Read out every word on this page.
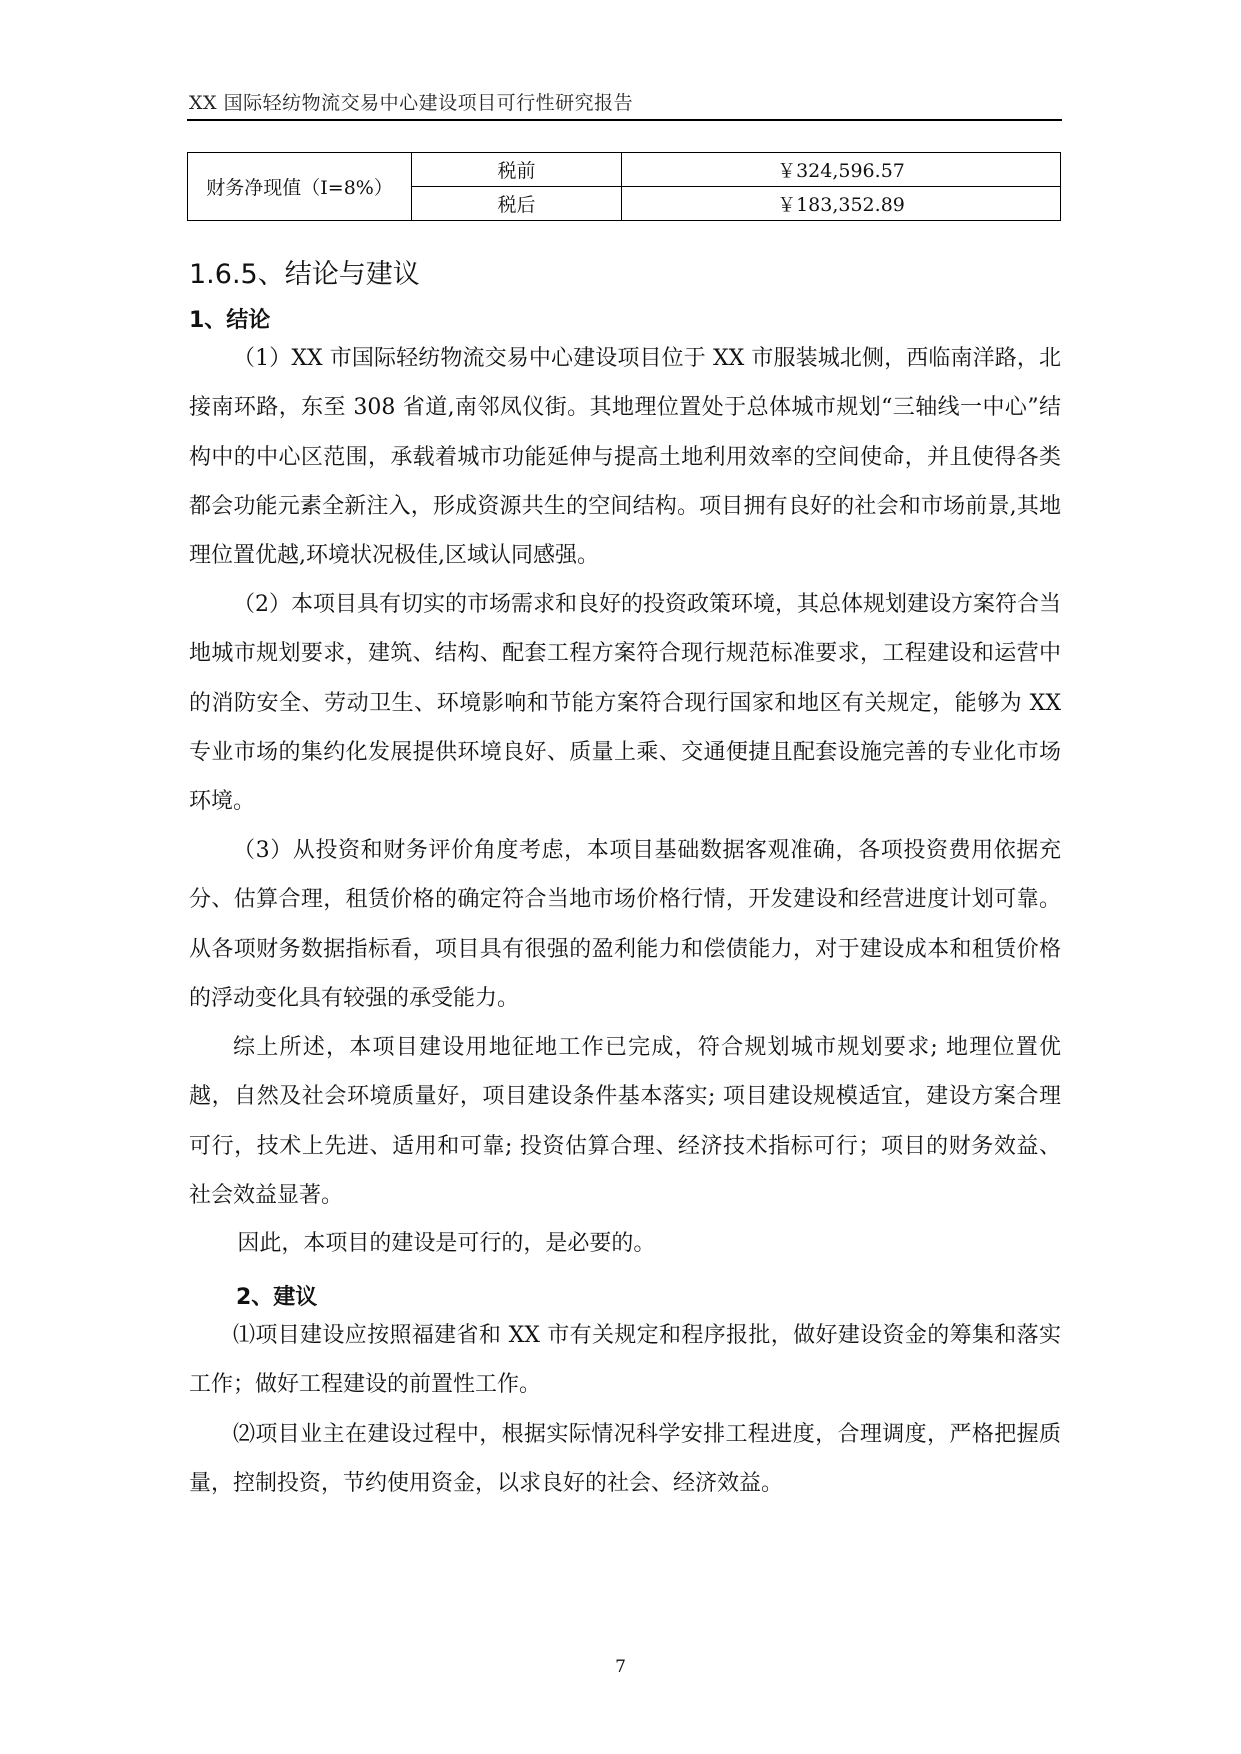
XX 国际轻纺物流交易中心建设项目可行性研究报告
财务净现值（I=8%）	税前	￥324,596.57
	税后	￥183,352.89
1.6.5、结论与建议
1、结论

（1）XX 市国际轻纺物流交易中心建设项目位于 XX 市服装城北侧，西临南洋路，北接南环路，东至 308 省道,南邻凤仪街。其地理位置处于总体城市规划“三轴线一中心”结构中的中心区范围，承载着城市功能延伸与提高土地利用效率的空间使命，并且使得各类都会功能元素全新注入，形成资源共生的空间结构。项目拥有良好的社会和市场前景,其地理位置优越,环境状况极佳,区域认同感强。

（2）本项目具有切实的市场需求和良好的投资政策环境，其总体规划建设方案符合当地城市规划要求，建筑、结构、配套工程方案符合现行规范标准要求，工程建设和运营中的消防安全、劳动卫生、环境影响和节能方案符合现行国家和地区有关规定，能够为 XX 专业市场的集约化发展提供环境良好、质量上乘、交通便捷且配套设施完善的专业化市场环境。

（3）从投资和财务评价角度考虑，本项目基础数据客观准确，各项投资费用依据充分、估算合理，租赁价格的确定符合当地市场价格行情，开发建设和经营进度计划可靠。从各项财务数据指标看，项目具有很强的盈利能力和偿债能力，对于建设成本和租赁价格的浮动变化具有较强的承受能力。

综上所述，本项目建设用地征地工作已完成，符合规划城市规划要求; 地理位置优越，自然及社会环境质量好，项目建设条件基本落实; 项目建设规模适宜，建设方案合理可行，技术上先进、适用和可靠; 投资估算合理、经济技术指标可行；项目的财务效益、社会效益显著。

因此，本项目的建设是可行的，是必要的。

2、建议

⑴项目建设应按照福建省和 XX 市有关规定和程序报批，做好建设资金的筹集和落实工作；做好工程建设的前置性工作。

⑵项目业主在建设过程中，根据实际情况科学安排工程进度，合理调度，严格把握质量，控制投资，节约使用资金，以求良好的社会、经济效益。

7
